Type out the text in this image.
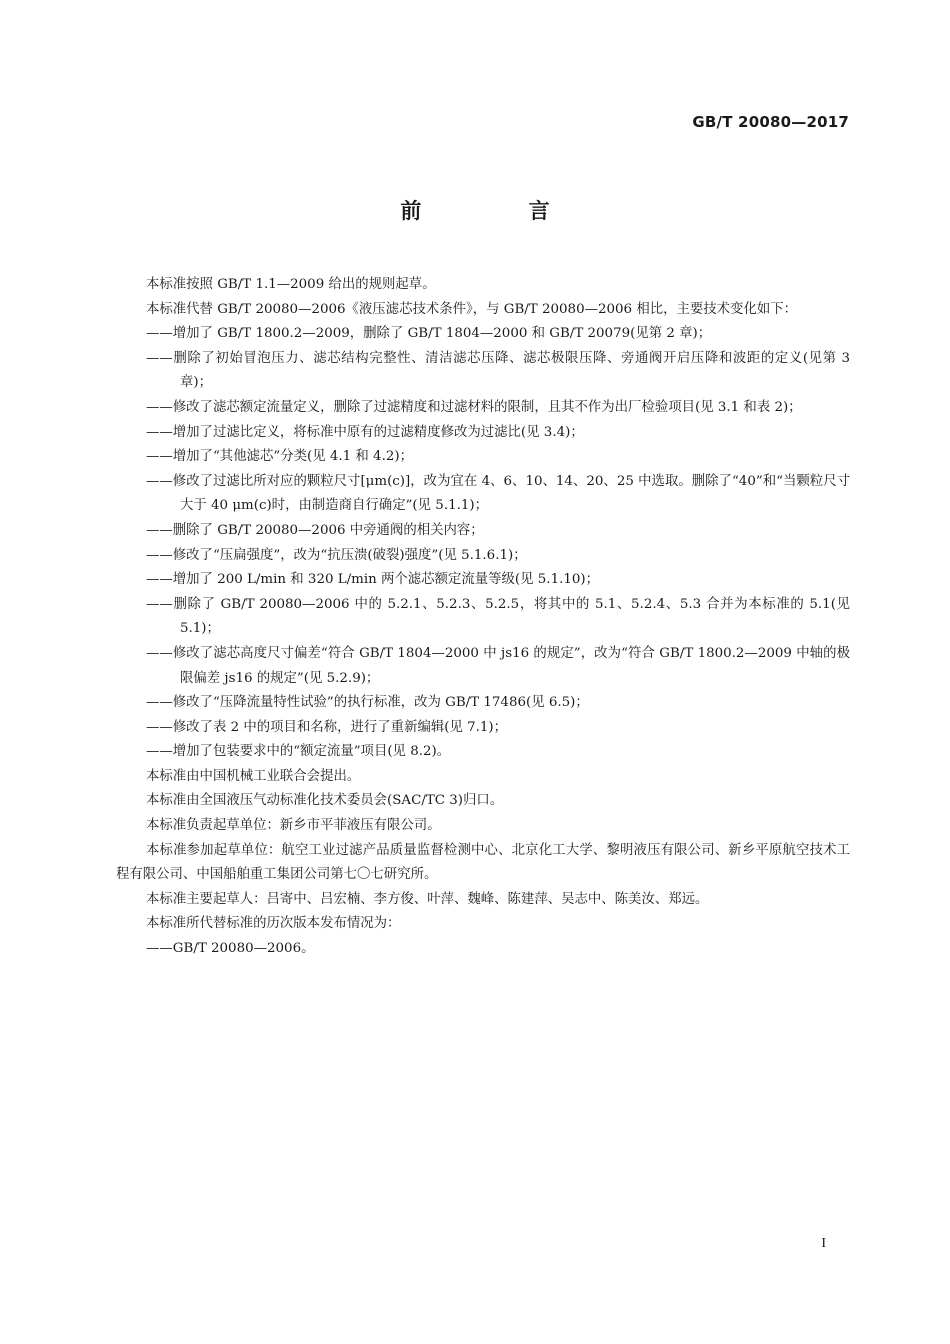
GB/T 20080—2017
前 言

本标准按照 GB/T 1.1—2009 给出的规则起草。

本标准代替 GB/T 20080—2006《液压滤芯技术条件》，与 GB/T 20080—2006 相比，主要技术变化如下：

——增加了 GB/T 1800.2—2009，删除了 GB/T 1804—2000 和 GB/T 20079(见第 2 章)；

——删除了初始冒泡压力、滤芯结构完整性、清洁滤芯压降、滤芯极限压降、旁通阀开启压降和波距的定义(见第 3 章)；

——修改了滤芯额定流量定义，删除了过滤精度和过滤材料的限制，且其不作为出厂检验项目(见 3.1 和表 2)；

——增加了过滤比定义，将标准中原有的过滤精度修改为过滤比(见 3.4)；

——增加了“其他滤芯”分类(见 4.1 和 4.2)；

——修改了过滤比所对应的颗粒尺寸[μm(c)]，改为宜在 4、6、10、14、20、25 中选取。删除了“40”和“当颗粒尺寸大于 40 μm(c)时，由制造商自行确定”(见 5.1.1)；

——删除了 GB/T 20080—2006 中旁通阀的相关内容；

——修改了“压扁强度”，改为“抗压溃(破裂)强度”(见 5.1.6.1)；

——增加了 200 L/min 和 320 L/min 两个滤芯额定流量等级(见 5.1.10)；

——删除了 GB/T 20080—2006 中的 5.2.1、5.2.3、5.2.5，将其中的 5.1、5.2.4、5.3 合并为本标准的 5.1(见 5.1)；

——修改了滤芯高度尺寸偏差“符合 GB/T 1804—2000 中 js16 的规定”，改为“符合 GB/T 1800.2—2009 中轴的极限偏差 js16 的规定”(见 5.2.9)；

——修改了“压降流量特性试验”的执行标准，改为 GB/T 17486(见 6.5)；

——修改了表 2 中的项目和名称，进行了重新编辑(见 7.1)；

——增加了包装要求中的“额定流量”项目(见 8.2)。

本标准由中国机械工业联合会提出。

本标准由全国液压气动标准化技术委员会(SAC/TC 3)归口。

本标准负责起草单位：新乡市平菲液压有限公司。

本标准参加起草单位：航空工业过滤产品质量监督检测中心、北京化工大学、黎明液压有限公司、新乡平原航空技术工程有限公司、中国船舶重工集团公司第七〇七研究所。

本标准主要起草人：吕寄中、吕宏楠、李方俊、叶萍、魏峰、陈建萍、吴志中、陈美汝、郑远。

本标准所代替标准的历次版本发布情况为：

——GB/T 20080—2006。

I
